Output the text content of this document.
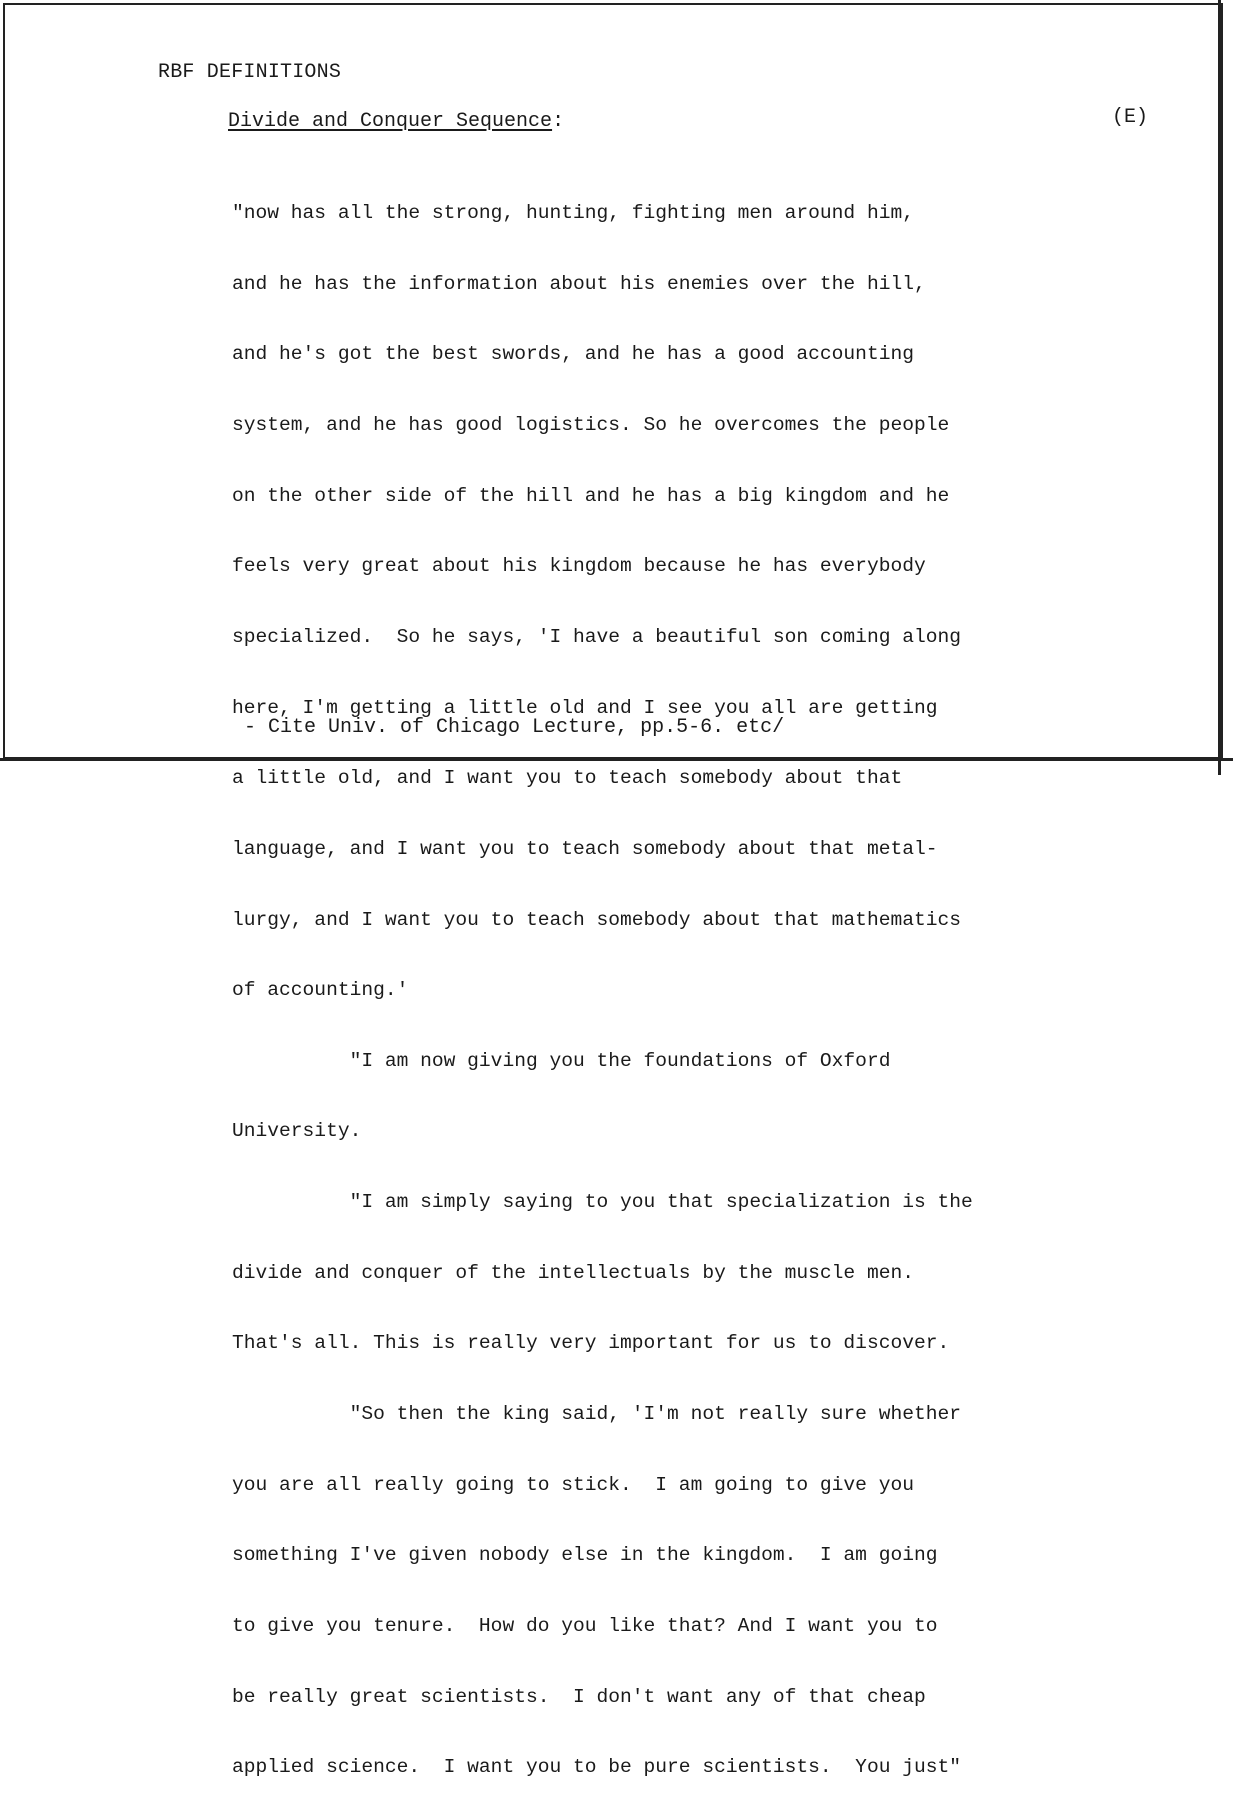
RBF DEFINITIONS
Divide and Conquer Sequence:	(E)

"now has all the strong, hunting, fighting men around him,

and he has the information about his enemies over the hill,

and he's got the best swords, and he has a good accounting

system, and he has good logistics. So he overcomes the people

on the other side of the hill and he has a big kingdom and he

feels very great about his kingdom because he has everybody

specialized.  So he says, 'I have a beautiful son coming along

here, I'm getting a little old and I see you all are getting

a little old, and I want you to teach somebody about that

language, and I want you to teach somebody about that metal-

lurgy, and I want you to teach somebody about that mathematics

of accounting.'

"I am now giving you the foundations of Oxford

University.

"I am simply saying to you that specialization is the

divide and conquer of the intellectuals by the muscle men.

That's all. This is really very important for us to discover.

"So then the king said, 'I'm not really sure whether

you are all really going to stick.  I am going to give you

something I've given nobody else in the kingdom.  I am going

to give you tenure.  How do you like that? And I want you to

be really great scientists.  I don't want any of that cheap

applied science.  I want you to be pure scientists.  You just"

- Cite Univ. of Chicago Lecture, pp.5-6. etc/
